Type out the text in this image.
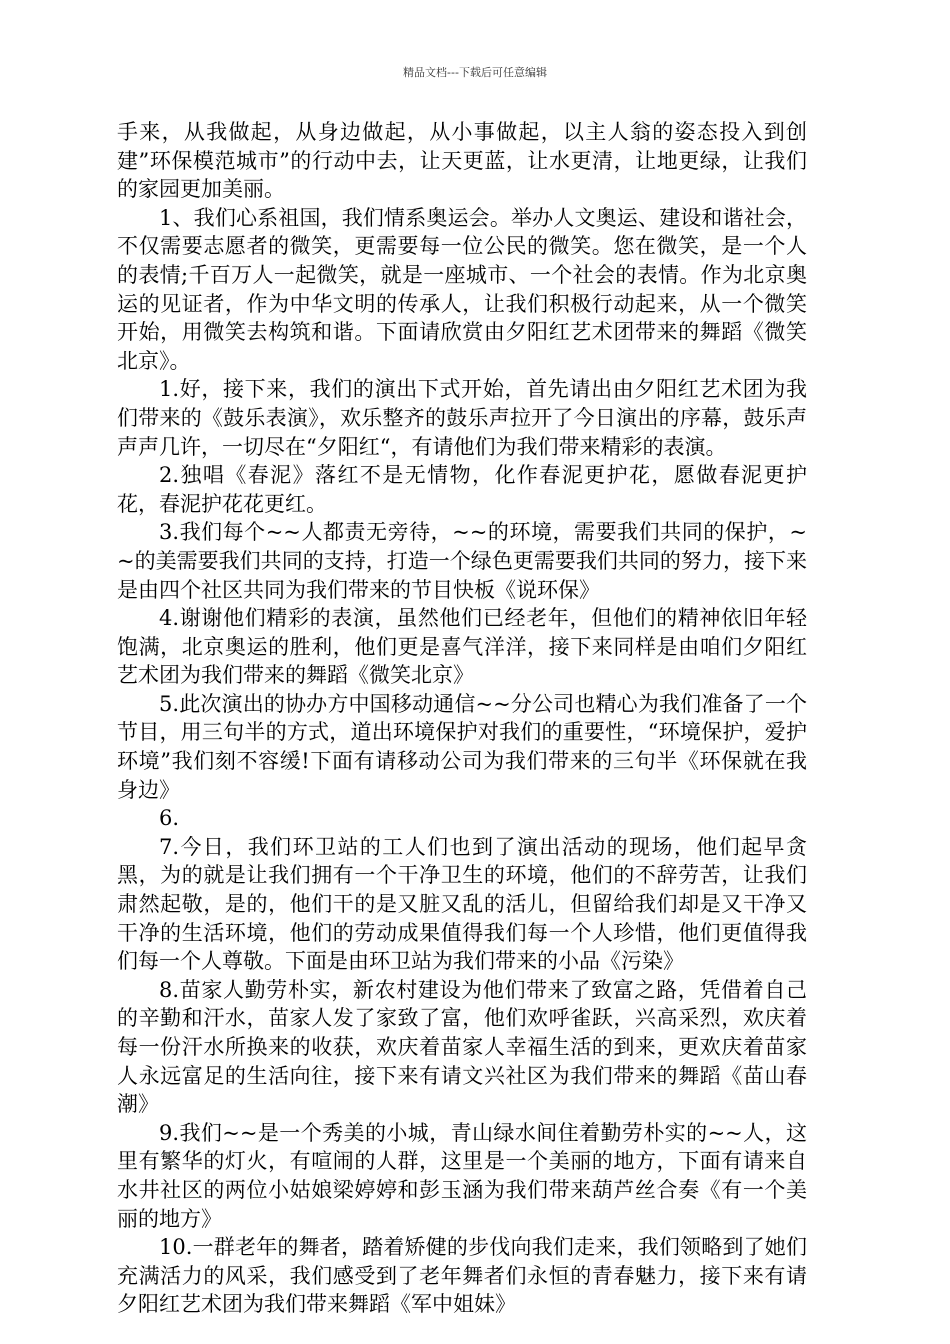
精品文档---下载后可任意编辑

手来，从我做起，从身边做起，从小事做起，以主人翁的姿态投入到创建”环保模范城市”的行动中去，让天更蓝，让水更清，让地更绿，让我们的家园更加美丽。

1、我们心系祖国，我们情系奥运会。举办人文奥运、建设和谐社会，不仅需要志愿者的微笑，更需要每一位公民的微笑。您在微笑，是一个人的表情;千百万人一起微笑，就是一座城市、一个社会的表情。作为北京奥运的见证者，作为中华文明的传承人，让我们积极行动起来，从一个微笑开始，用微笑去构筑和谐。下面请欣赏由夕阳红艺术团带来的舞蹈《微笑北京》。

1.好，接下来，我们的演出下式开始，首先请出由夕阳红艺术团为我们带来的《鼓乐表演》，欢乐整齐的鼓乐声拉开了今日演出的序幕，鼓乐声声声几许，一切尽在“夕阳红“，有请他们为我们带来精彩的表演。

2.独唱《春泥》落红不是无情物，化作春泥更护花，愿做春泥更护花，春泥护花花更红。

3.我们每个~~人都责无旁待，~~的环境，需要我们共同的保护，~~的美需要我们共同的支持，打造一个绿色更需要我们共同的努力，接下来是由四个社区共同为我们带来的节目快板《说环保》

4.谢谢他们精彩的表演，虽然他们已经老年，但他们的精神依旧年轻饱满，北京奥运的胜利，他们更是喜气洋洋，接下来同样是由咱们夕阳红艺术团为我们带来的舞蹈《微笑北京》

5.此次演出的协办方中国移动通信~~分公司也精心为我们准备了一个节目，用三句半的方式，道出环境保护对我们的重要性，“环境保护，爱护环境”我们刻不容缓!下面有请移动公司为我们带来的三句半《环保就在我身边》

6.

7.今日，我们环卫站的工人们也到了演出活动的现场，他们起早贪黑，为的就是让我们拥有一个干净卫生的环境，他们的不辞劳苦，让我们肃然起敬，是的，他们干的是又脏又乱的活儿，但留给我们却是又干净又干净的生活环境，他们的劳动成果值得我们每一个人珍惜，他们更值得我们每一个人尊敬。下面是由环卫站为我们带来的小品《污染》

8.苗家人勤劳朴实，新农村建设为他们带来了致富之路，凭借着自己的辛勤和汗水，苗家人发了家致了富，他们欢呼雀跃，兴高采烈，欢庆着每一份汗水所换来的收获，欢庆着苗家人幸福生活的到来，更欢庆着苗家人永远富足的生活向往，接下来有请文兴社区为我们带来的舞蹈《苗山春潮》

9.我们~~是一个秀美的小城，青山绿水间住着勤劳朴实的~~人，这里有繁华的灯火，有喧闹的人群，这里是一个美丽的地方，下面有请来自水井社区的两位小姑娘梁婷婷和彭玉涵为我们带来葫芦丝合奏《有一个美丽的地方》

10.一群老年的舞者，踏着矫健的步伐向我们走来，我们领略到了她们充满活力的风采，我们感受到了老年舞者们永恒的青春魅力，接下来有请夕阳红艺术团为我们带来舞蹈《军中姐妹》
